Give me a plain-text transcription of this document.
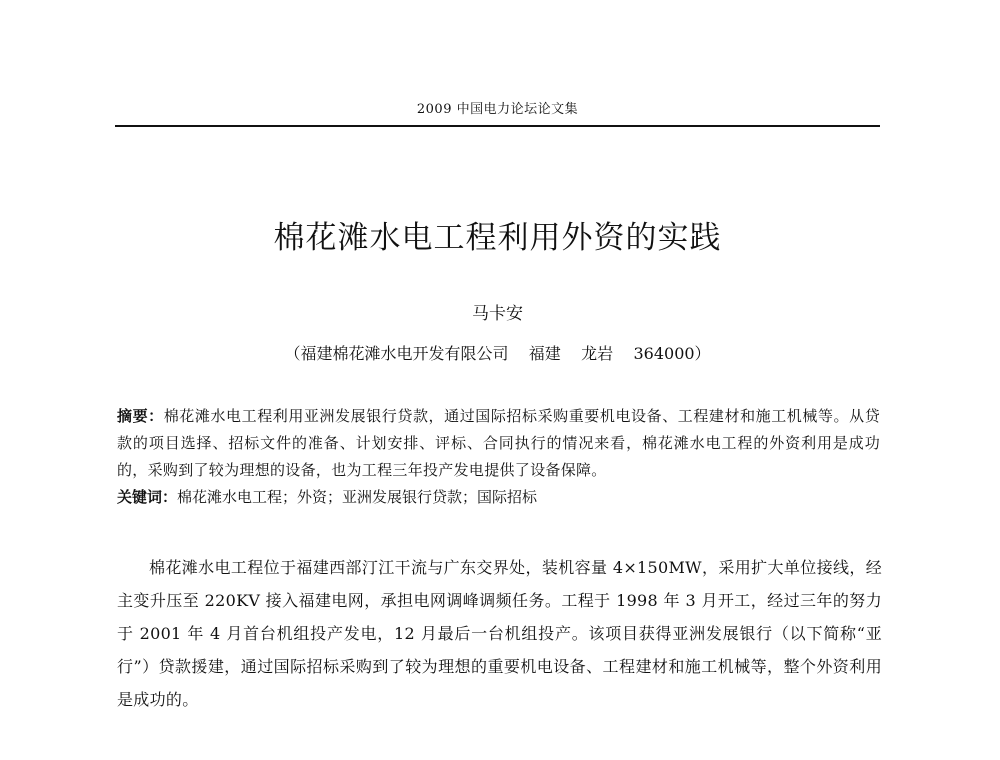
2009 中国电力论坛论文集
棉花滩水电工程利用外资的实践
马卡安
（福建棉花滩水电开发有限公司    福建    龙岩    364000）
摘要：棉花滩水电工程利用亚洲发展银行贷款，通过国际招标采购重要机电设备、工程建材和施工机械等。从贷款的项目选择、招标文件的准备、计划安排、评标、合同执行的情况来看，棉花滩水电工程的外资利用是成功的，采购到了较为理想的设备，也为工程三年投产发电提供了设备保障。
关键词：棉花滩水电工程；外资；亚洲发展银行贷款；国际招标
棉花滩水电工程位于福建西部汀江干流与广东交界处，装机容量 4×150MW，采用扩大单位接线，经主变升压至 220KV 接入福建电网，承担电网调峰调频任务。工程于 1998 年 3 月开工，经过三年的努力于 2001 年 4 月首台机组投产发电，12 月最后一台机组投产。该项目获得亚洲发展银行（以下简称“亚行”）贷款援建，通过国际招标采购到了较为理想的重要机电设备、工程建材和施工机械等，整个外资利用是成功的。
